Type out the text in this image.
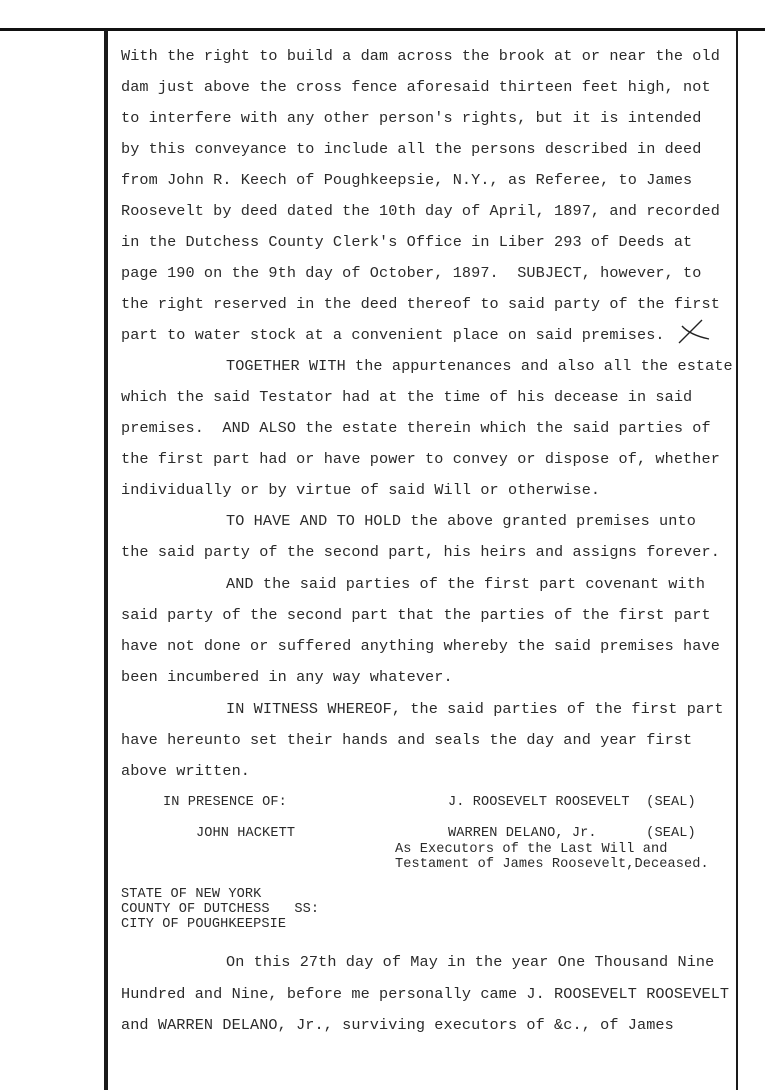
With the right to build a dam across the brook at or near the old
dam just above the cross fence aforesaid thirteen feet high, not
to interfere with any other person's rights, but it is intended
by this conveyance to include all the persons described in deed
from John R. Keech of Poughkeepsie, N.Y., as Referee, to James
Roosevelt by deed dated the 10th day of April, 1897, and recorded
in the Dutchess County Clerk's Office in Liber 293 of Deeds at
page 190 on the 9th day of October, 1897.  SUBJECT, however, to
the right reserved in the deed thereof to said party of the first
part to water stock at a convenient place on said premises.
TOGETHER WITH the appurtenances and also all the estate
which the said Testator had at the time of his decease in said
premises.  AND ALSO the estate therein which the said parties of
the first part had or have power to convey or dispose of, whether
individually or by virtue of said Will or otherwise.
TO HAVE AND TO HOLD the above granted premises unto
the said party of the second part, his heirs and assigns forever.
AND the said parties of the first part covenant with
said party of the second part that the parties of the first part
have not done or suffered anything whereby the said premises have
been incumbered in any way whatever.
IN WITNESS WHEREOF, the said parties of the first part
have hereunto set their hands and seals the day and year first
above written.
IN PRESENCE OF:	J. ROOSEVELT ROOSEVELT  (SEAL)
JOHN HACKETT	WARREN DELANO, Jr.      (SEAL)
As Executors of the Last Will and
Testament of James Roosevelt,Deceased.
STATE OF NEW YORK
COUNTY OF DUTCHESS   SS:
CITY OF POUGHKEEPSIE
On this 27th day of May in the year One Thousand Nine
Hundred and Nine, before me personally came J. ROOSEVELT ROOSEVELT
and WARREN DELANO, Jr., surviving executors of &c., of James
